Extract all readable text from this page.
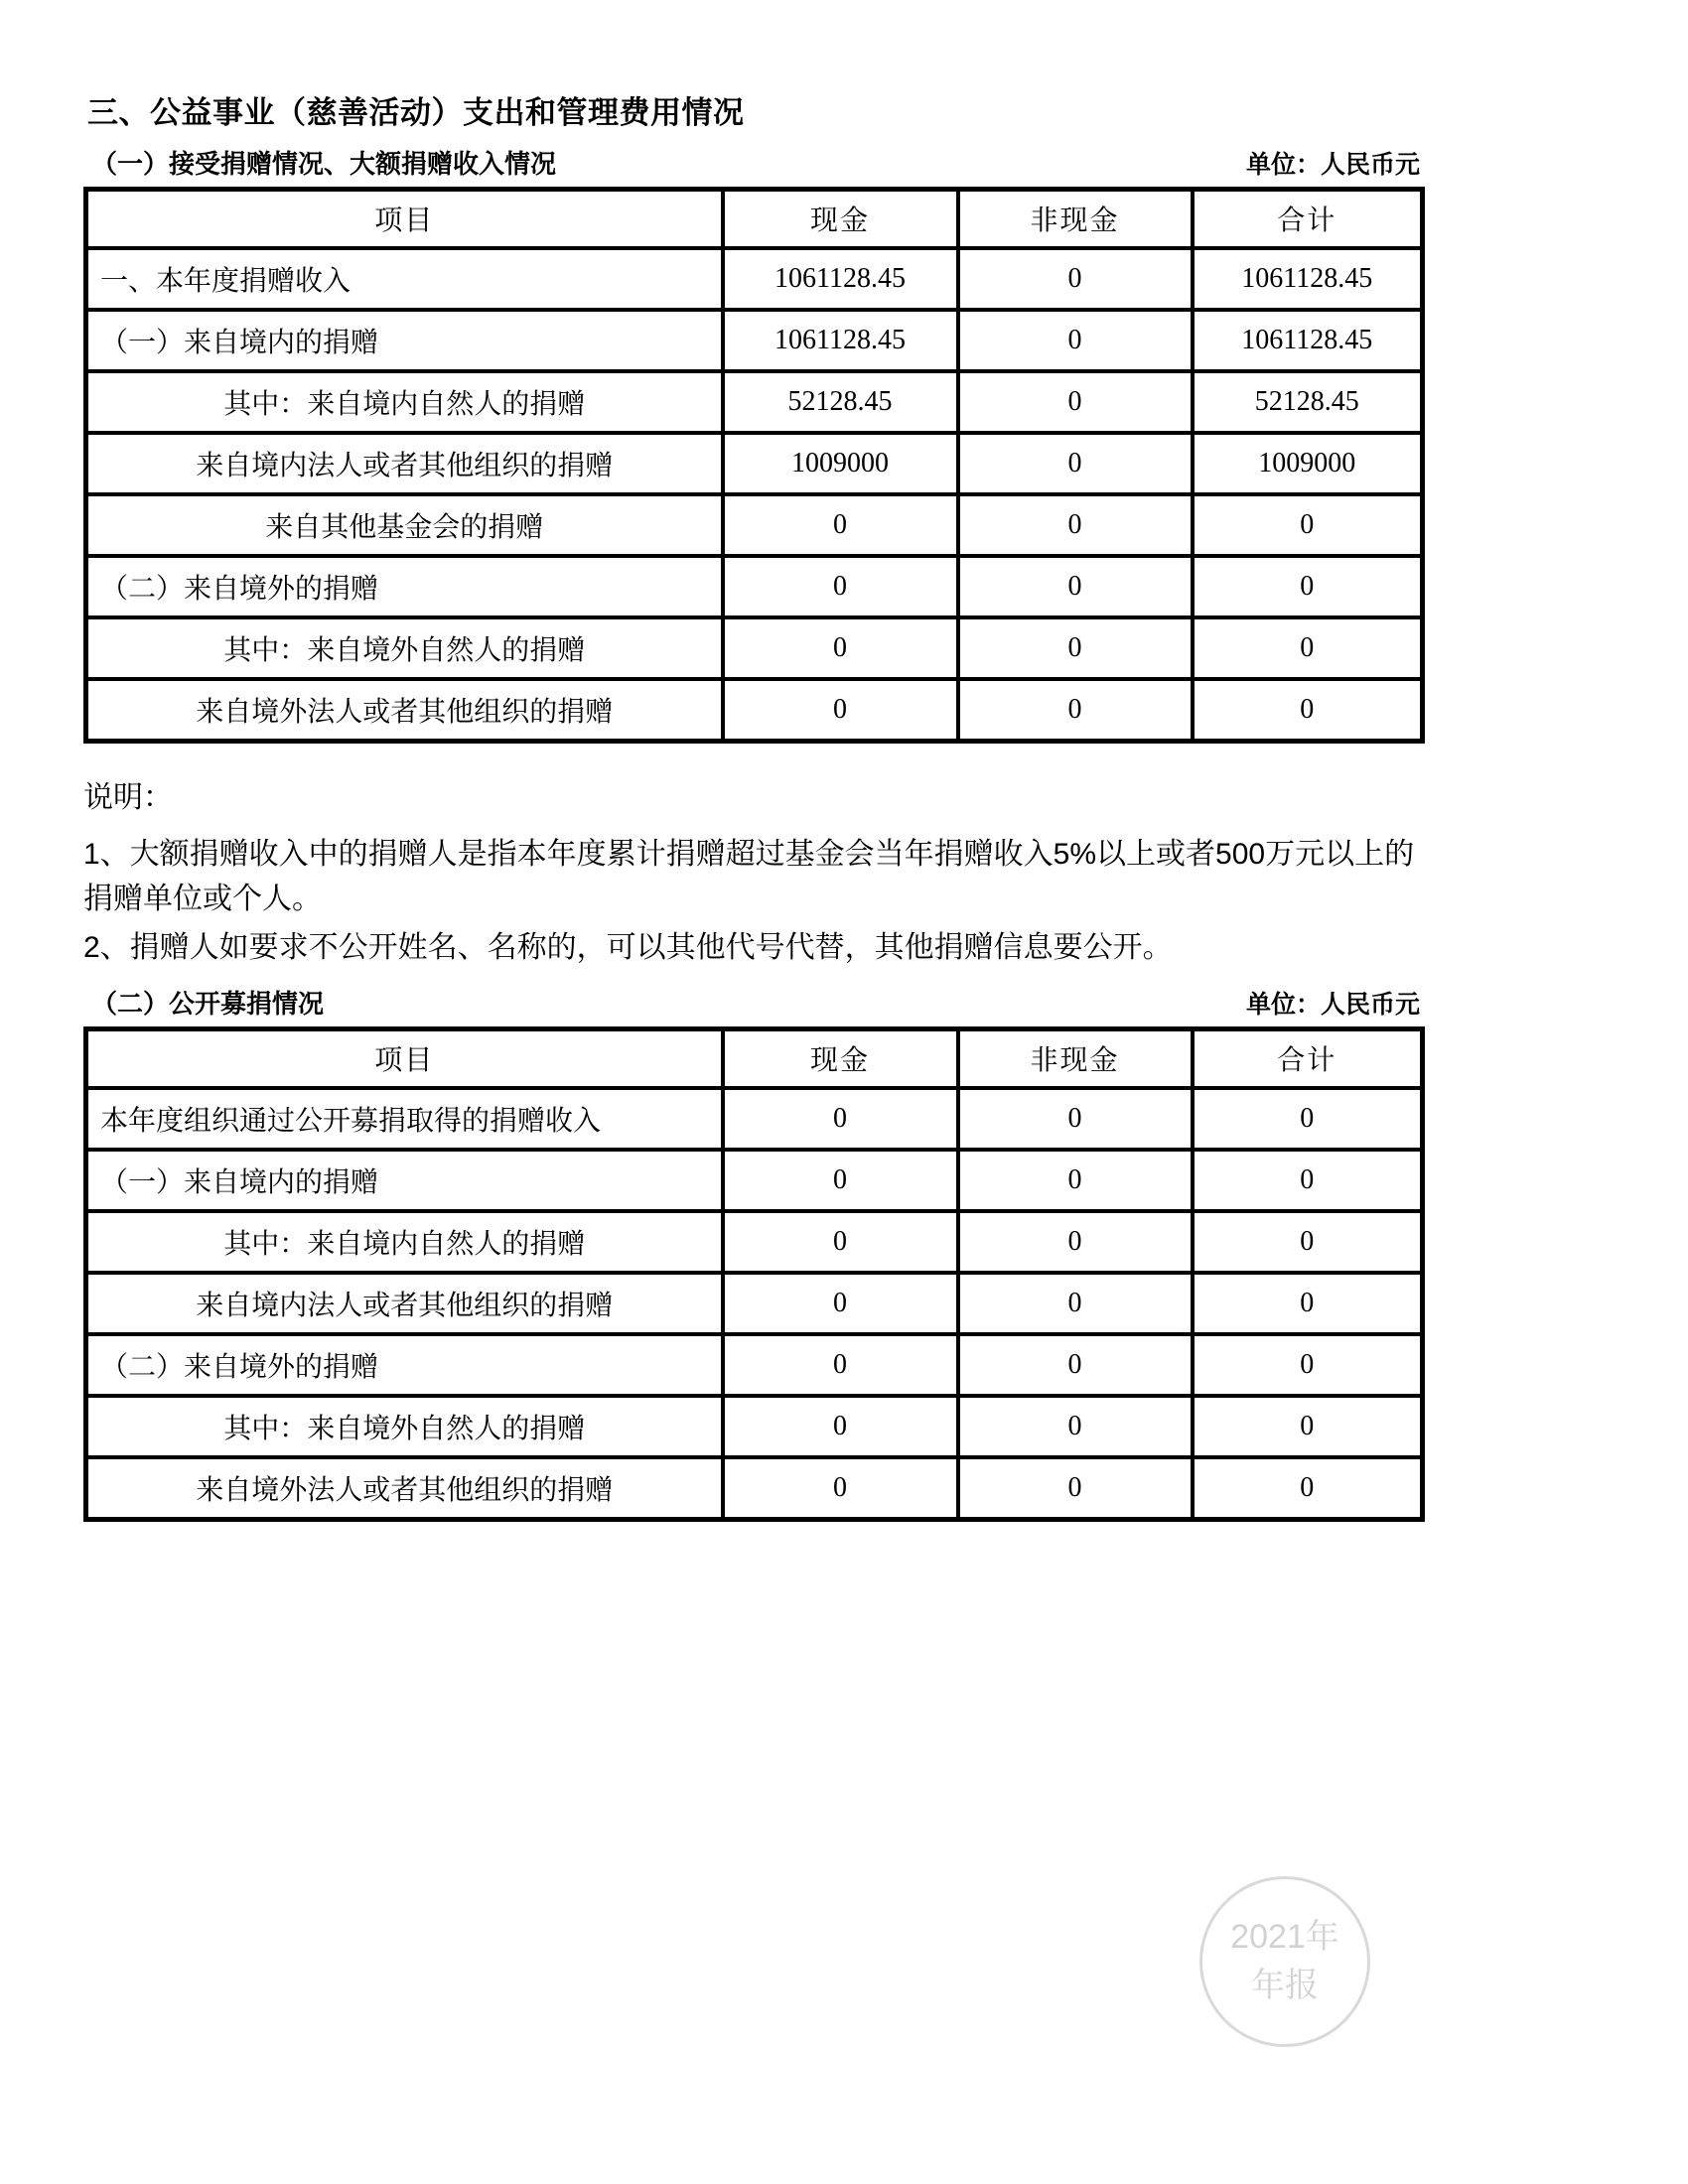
三、公益事业（慈善活动）支出和管理费用情况
（一）接受捐赠情况、大额捐赠收入情况	单位：人民币元
项目	现金	非现金	合计
一、本年度捐赠收入	1061128.45	0	1061128.45
（一）来自境内的捐赠	1061128.45	0	1061128.45
其中：来自境内自然人的捐赠	52128.45	0	52128.45
来自境内法人或者其他组织的捐赠	1009000	0	1009000
来自其他基金会的捐赠	0	0	0
（二）来自境外的捐赠	0	0	0
其中：来自境外自然人的捐赠	0	0	0
来自境外法人或者其他组织的捐赠	0	0	0

说明：

1、大额捐赠收入中的捐赠人是指本年度累计捐赠超过基金会当年捐赠收入5%以上或者500万元以上的捐赠单位或个人。

2、捐赠人如要求不公开姓名、名称的，可以其他代号代替，其他捐赠信息要公开。

（二）公开募捐情况	单位：人民币元
项目	现金	非现金	合计
本年度组织通过公开募捐取得的捐赠收入	0	0	0
（一）来自境内的捐赠	0	0	0
其中：来自境内自然人的捐赠	0	0	0
来自境内法人或者其他组织的捐赠	0	0	0
（二）来自境外的捐赠	0	0	0
其中：来自境外自然人的捐赠	0	0	0
来自境外法人或者其他组织的捐赠	0	0	0
2021年
年报
